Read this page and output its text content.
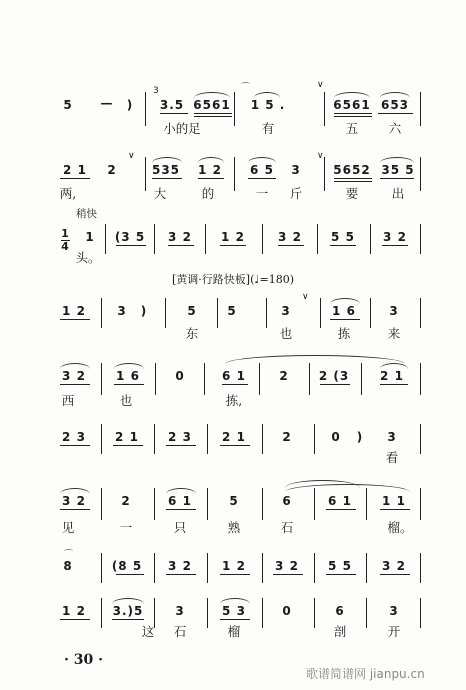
3
∨
⌒
5 — ) 3.5 6561 1 5 .	6561 653
小的足	有	五 六
∨	∨
2 1 2	535 1 2 6 5 3	5652 35 5
两,	大	的	一 斤	要	出
稍快
1

4
1 (3 5 3 2 1 2	3 2 5 5 3 2
头。
[黄调·行路快板](♩=180)
∨
1 2	3 )	5	5	3	1 6	3
东	也	拣	来
3 2	1 6	0	6 1	2	2 (3	2 1
西	也	拣,
2 3 2 1 2 3	2 1	2	0 ) 3
看
3 2	2	6 1	5	6	6 1	1 1
见	一	只	熟	石	榴。
⌒
8	(8 5 3 2	1 2 3 2 5 5	3 2
1 2 3.)5	3	5 3	0	6	3
这 石	榴	剖	开
· 30 ·
歌谱简谱网 jianpu.cn
